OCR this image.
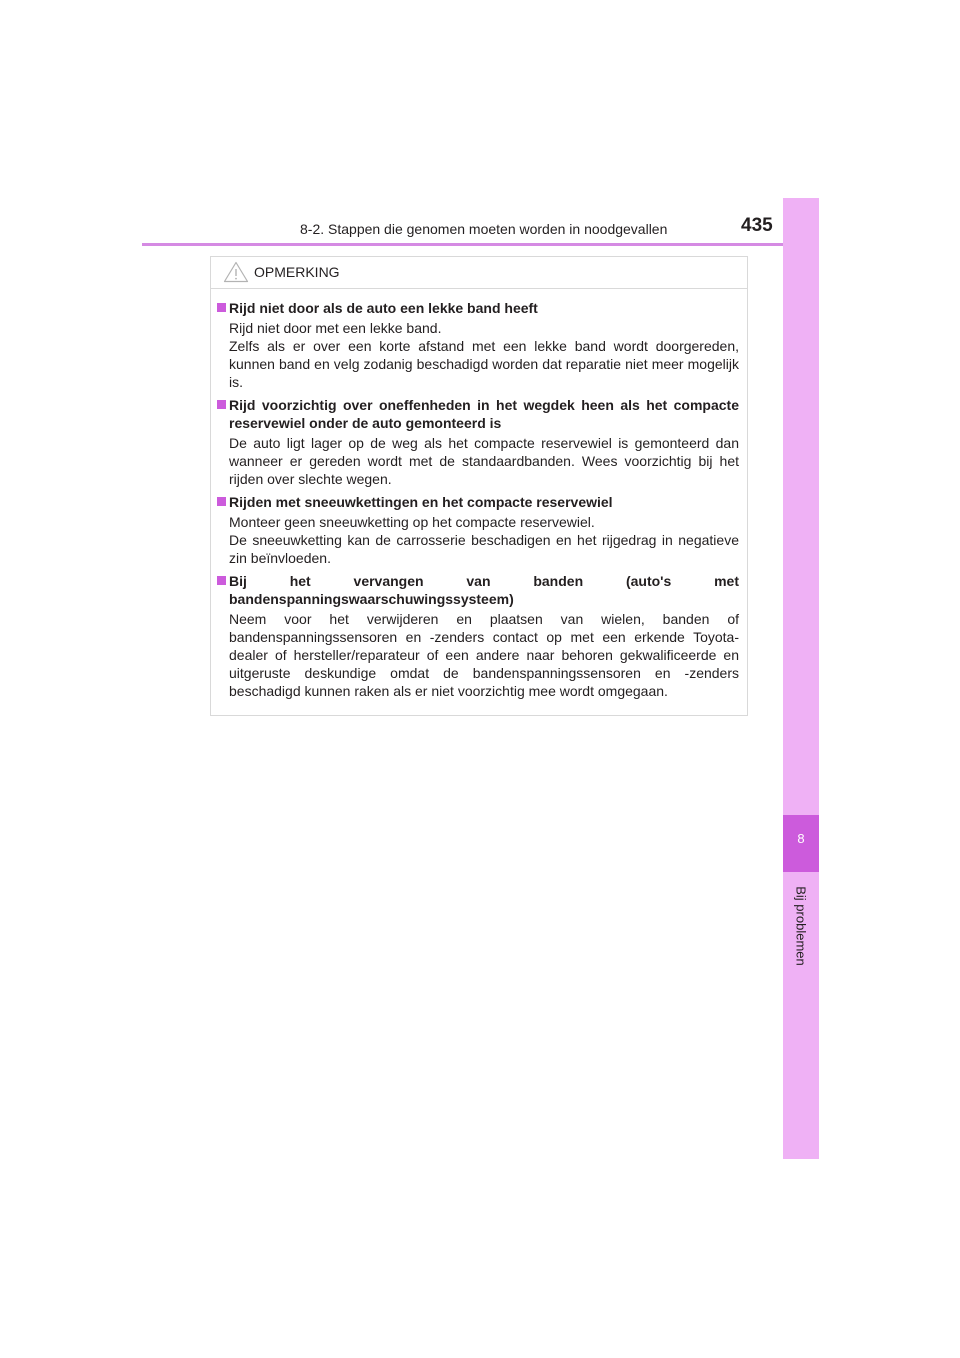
8-2. Stappen die genomen moeten worden in noodgevallen	435
8
Bij problemen
OPMERKING
Rijd niet door als de auto een lekke band heeft

Rijd niet door met een lekke band.

Zelfs als er over een korte afstand met een lekke band wordt doorgereden, kunnen band en velg zodanig beschadigd worden dat reparatie niet meer mogelijk is.

Rijd voorzichtig over oneffenheden in het wegdek heen als het compacte reservewiel onder de auto gemonteerd is

De auto ligt lager op de weg als het compacte reservewiel is gemonteerd dan wanneer er gereden wordt met de standaardbanden. Wees voorzichtig bij het rijden over slechte wegen.

Rijden met sneeuwkettingen en het compacte reservewiel

Monteer geen sneeuwketting op het compacte reservewiel.

De sneeuwketting kan de carrosserie beschadigen en het rijgedrag in negatieve zin beïnvloeden.

Bij het vervangen van banden (auto's met bandenspanningswaarschuwingssysteem)

Neem voor het verwijderen en plaatsen van wielen, banden of bandenspanningssensoren en -zenders contact op met een erkende Toyota-dealer of hersteller/reparateur of een andere naar behoren gekwalificeerde en uitgeruste deskundige omdat de bandenspanningssensoren en -zenders beschadigd kunnen raken als er niet voorzichtig mee wordt omgegaan.
